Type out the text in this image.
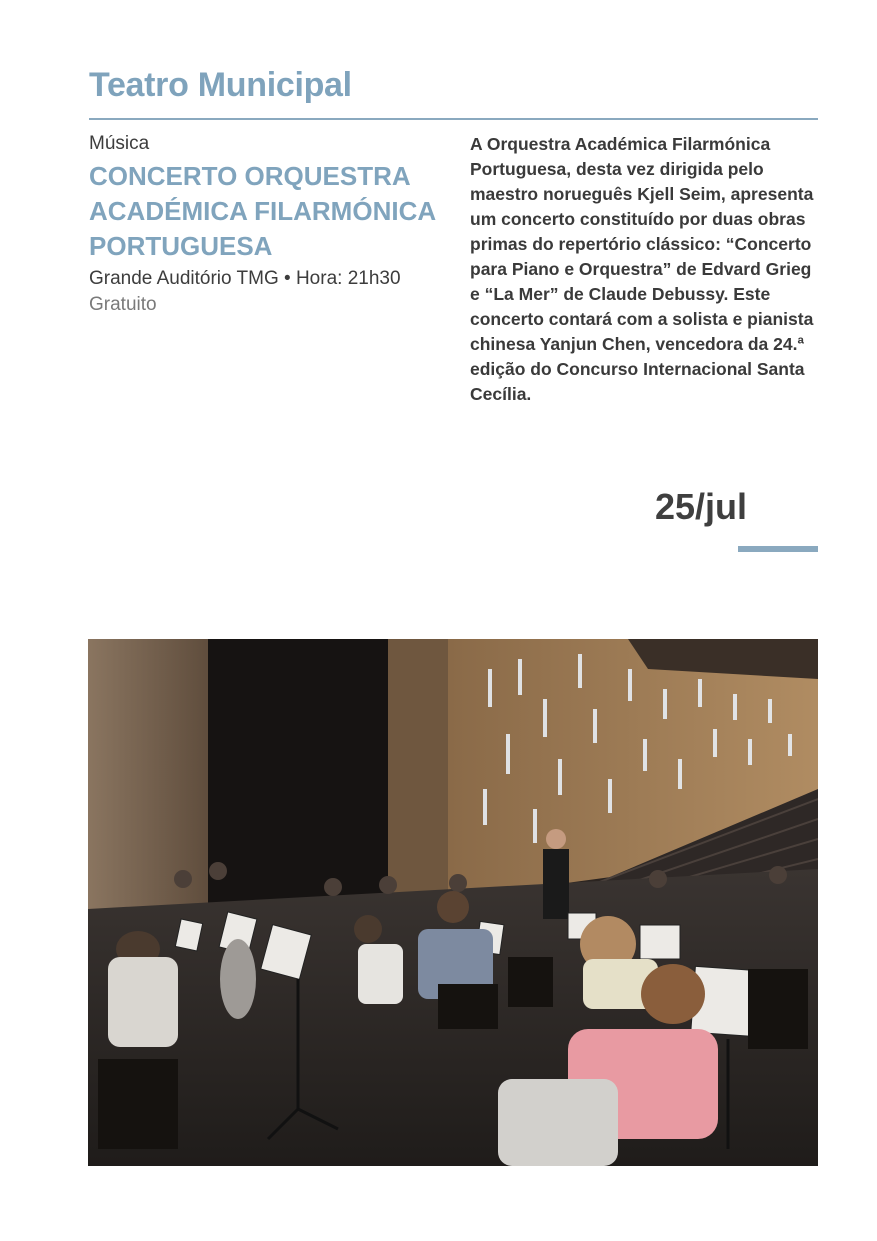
Teatro Municipal

Música

CONCERTO ORQUESTRA ACADÉMICA FILARMÓNICA PORTUGUESA

Grande Auditório TMG • Hora: 21h30

Gratuito

A Orquestra Académica Filarmónica Portuguesa, desta vez dirigida pelo maestro norueguês Kjell Seim, apresenta um concerto constituído por duas obras primas do repertório clássico: “Concerto para Piano e Orquestra” de Edvard Grieg e “La Mer” de Claude Debussy. Este concerto contará com a solista e pianista chinesa Yanjun Chen, vencedora da 24.ª edição do Concurso Internacional Santa Cecília.

25/jul
